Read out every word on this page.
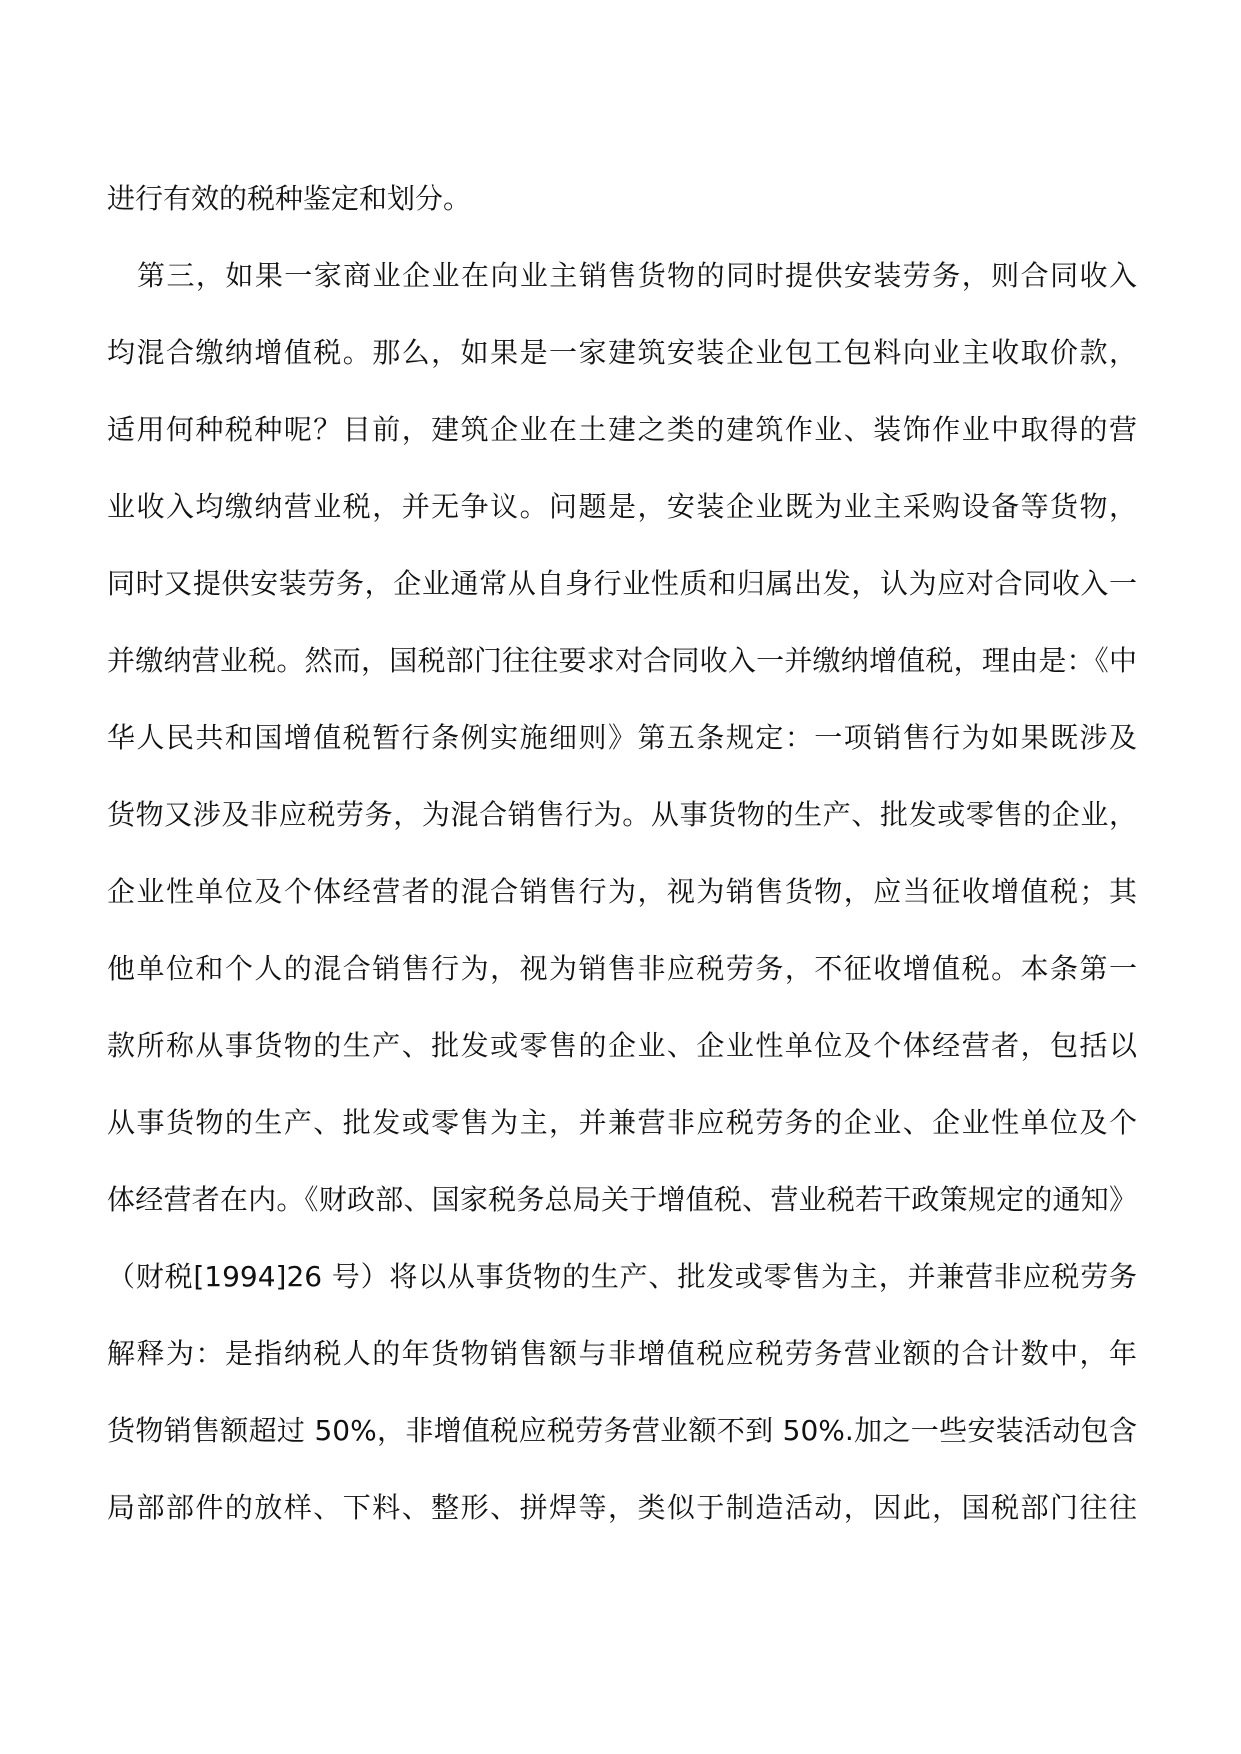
进行有效的税种鉴定和划分。
第三，如果一家商业企业在向业主销售货物的同时提供安装劳务，则合同收入
均混合缴纳增值税。那么，如果是一家建筑安装企业包工包料向业主收取价款，
适用何种税种呢？目前，建筑企业在土建之类的建筑作业、装饰作业中取得的营
业收入均缴纳营业税，并无争议。问题是，安装企业既为业主采购设备等货物，
同时又提供安装劳务，企业通常从自身行业性质和归属出发，认为应对合同收入一
并缴纳营业税。然而，国税部门往往要求对合同收入一并缴纳增值税，理由是：《中
华人民共和国增值税暂行条例实施细则》第五条规定：一项销售行为如果既涉及
货物又涉及非应税劳务，为混合销售行为。从事货物的生产、批发或零售的企业，
企业性单位及个体经营者的混合销售行为，视为销售货物，应当征收增值税；其
他单位和个人的混合销售行为，视为销售非应税劳务，不征收增值税。本条第一
款所称从事货物的生产、批发或零售的企业、企业性单位及个体经营者，包括以
从事货物的生产、批发或零售为主，并兼营非应税劳务的企业、企业性单位及个
体经营者在内。《财政部、国家税务总局关于增值税、营业税若干政策规定的通知》
（财税[1994]26 号）将以从事货物的生产、批发或零售为主，并兼营非应税劳务
解释为：是指纳税人的年货物销售额与非增值税应税劳务营业额的合计数中，年
货物销售额超过 50%，非增值税应税劳务营业额不到 50%.加之一些安装活动包含
局部部件的放样、下料、整形、拼焊等，类似于制造活动，因此，国税部门往往
